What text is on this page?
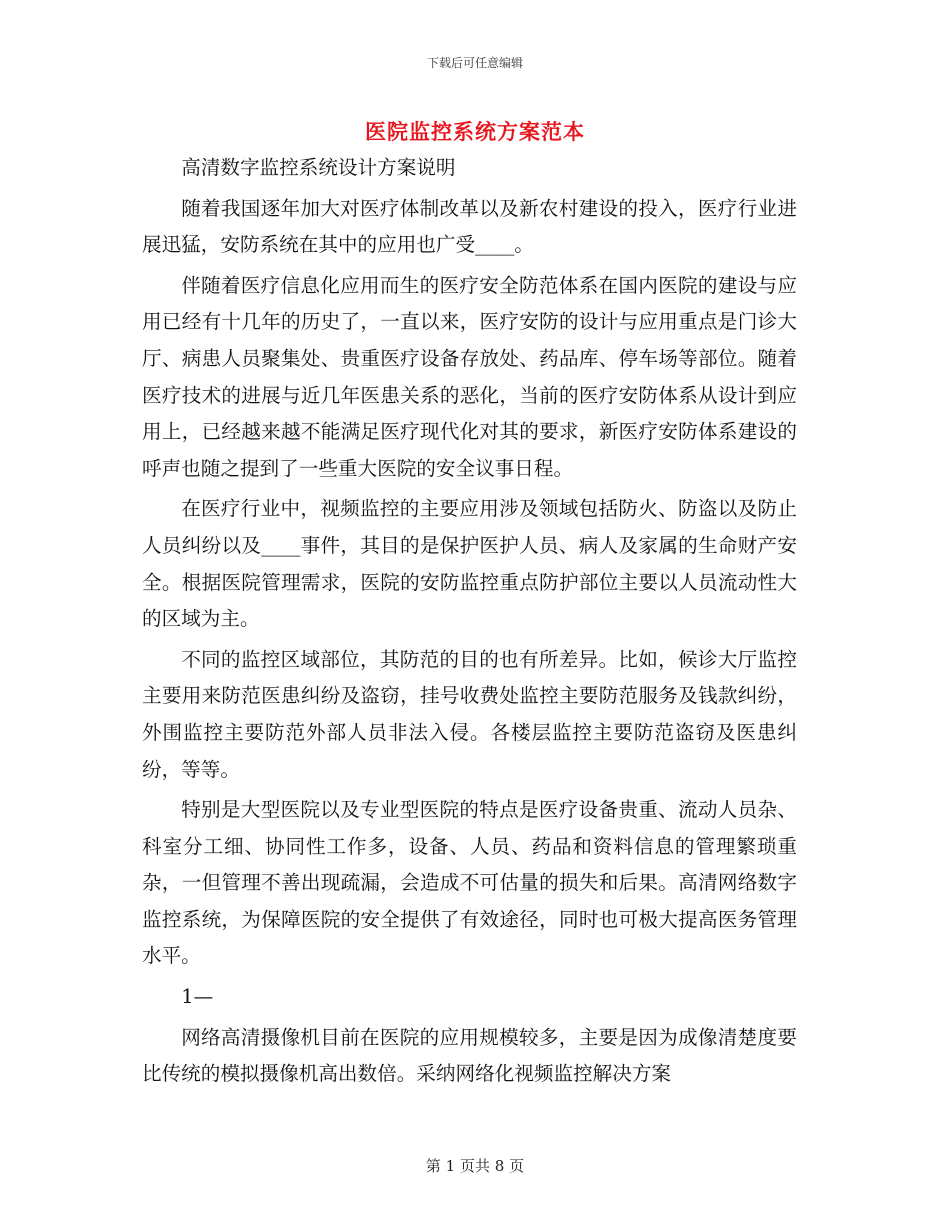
下载后可任意编辑
医院监控系统方案范本

高清数字监控系统设计方案说明

随着我国逐年加大对医疗体制改革以及新农村建设的投入，医疗行业进展迅猛，安防系统在其中的应用也广受____。

伴随着医疗信息化应用而生的医疗安全防范体系在国内医院的建设与应用已经有十几年的历史了，一直以来，医疗安防的设计与应用重点是门诊大厅、病患人员聚集处、贵重医疗设备存放处、药品库、停车场等部位。随着医疗技术的进展与近几年医患关系的恶化，当前的医疗安防体系从设计到应用上，已经越来越不能满足医疗现代化对其的要求，新医疗安防体系建设的呼声也随之提到了一些重大医院的安全议事日程。

在医疗行业中，视频监控的主要应用涉及领域包括防火、防盗以及防止人员纠纷以及____事件，其目的是保护医护人员、病人及家属的生命财产安全。根据医院管理需求，医院的安防监控重点防护部位主要以人员流动性大的区域为主。

不同的监控区域部位，其防范的目的也有所差异。比如，候诊大厅监控主要用来防范医患纠纷及盗窃，挂号收费处监控主要防范服务及钱款纠纷，外围监控主要防范外部人员非法入侵。各楼层监控主要防范盗窃及医患纠纷，等等。

特别是大型医院以及专业型医院的特点是医疗设备贵重、流动人员杂、科室分工细、协同性工作多，设备、人员、药品和资料信息的管理繁琐重杂，一但管理不善出现疏漏，会造成不可估量的损失和后果。高清网络数字监控系统，为保障医院的安全提供了有效途径，同时也可极大提高医务管理水平。

1—

网络高清摄像机目前在医院的应用规模较多，主要是因为成像清楚度要比传统的模拟摄像机高出数倍。采纳网络化视频监控解决方案

第 1 页共 8 页
